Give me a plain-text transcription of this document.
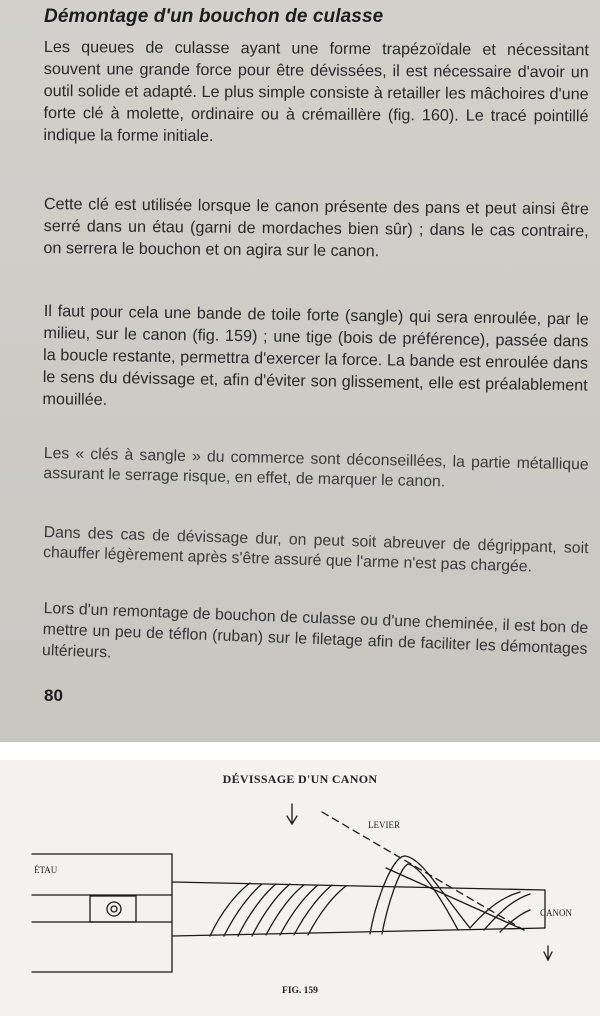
Démontage d'un bouchon de culasse

Les queues de culasse ayant une forme trapézoïdale et nécessitant souvent une grande force pour être dévissées, il est nécessaire d'avoir un outil solide et adapté. Le plus simple consiste à retailler les mâchoires d'une forte clé à molette, ordinaire ou à crémaillère (fig. 160). Le tracé pointillé indique la forme initiale.

Cette clé est utilisée lorsque le canon présente des pans et peut ainsi être serré dans un étau (garni de mordaches bien sûr) ; dans le cas contraire, on serrera le bouchon et on agira sur le canon.

Il faut pour cela une bande de toile forte (sangle) qui sera enroulée, par le milieu, sur le canon (fig. 159) ; une tige (bois de préférence), passée dans la boucle restante, permettra d'exercer la force. La bande est enroulée dans le sens du dévissage et, afin d'éviter son glissement, elle est préalablement mouillée.

Les « clés à sangle » du commerce sont déconseillées, la partie métallique assurant le serrage risque, en effet, de marquer le canon.

Dans des cas de dévissage dur, on peut soit abreuver de dégrippant, soit chauffer légèrement après s'être assuré que l'arme n'est pas chargée.

Lors d'un remontage de bouchon de culasse ou d'une cheminée, il est bon de mettre un peu de téflon (ruban) sur le filetage afin de faciliter les démontages ultérieurs.

80
DÉVISSAGE D'UN CANON
ÉTAU
LEVIER
CANON
FIG. 159
